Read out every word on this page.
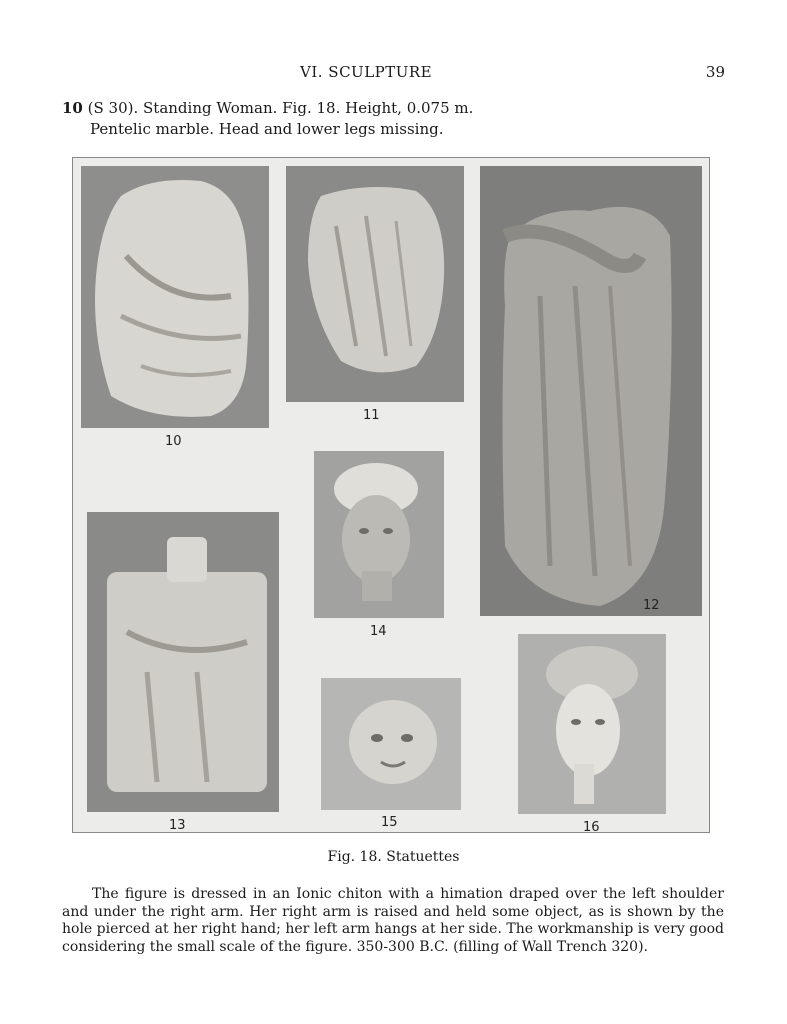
VI. SCULPTURE	39
10 (S 30). Standing Woman. Fig. 18. Height, 0.075 m.
Pentelic marble. Head and lower legs missing.
10
11
12
14
13	15	16
Fig. 18. Statuettes

The figure is dressed in an Ionic chiton with a himation draped over the left shoulder and under the right arm. Her right arm is raised and held some object, as is shown by the hole pierced at her right hand; her left arm hangs at her side. The workmanship is very good considering the small scale of the figure. 350-300 B.C. (filling of Wall Trench 320).
